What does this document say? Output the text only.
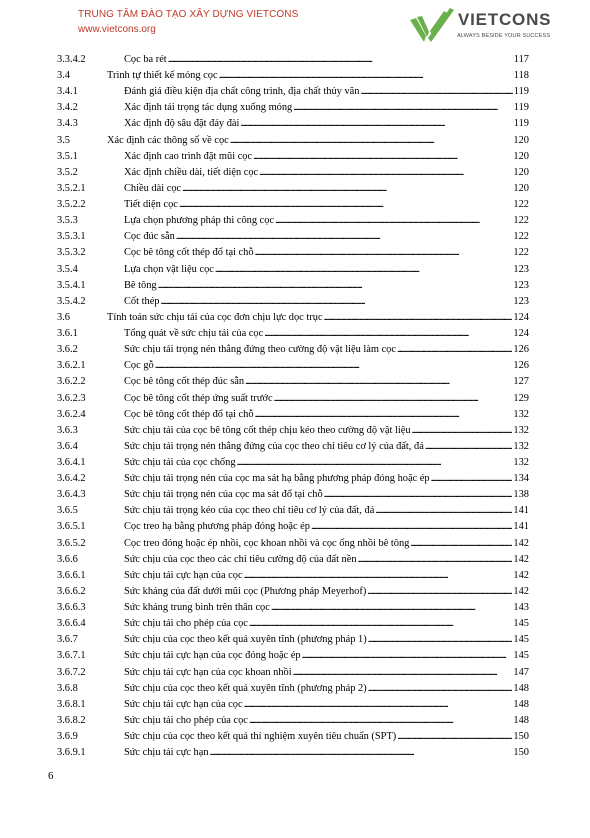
TRUNG TÂM ĐÀO TẠO XÂY DỰNG VIETCONS
www.vietcons.org
VIETCONS
ALWAYS BESIDE YOUR SUCCESS
3.3.4.2	Cọc ba rét . . .	117
3.4	Trình tự thiết kế móng cọc . . .	118
3.4.1	Đánh giá điều kiện địa chất công trình, địa chất thủy văn . . .	119
3.4.2	Xác định tải trọng tác dụng xuống móng . . .	119
3.4.3	Xác định độ sâu đặt đáy đài . . .	119
3.5	Xác định các thông số về cọc . . .	120
3.5.1	Xác định cao trình đặt mũi cọc . . .	120
3.5.2	Xác định chiều dài, tiết diện cọc . . .	120
3.5.2.1	Chiều dài cọc . . .	120
3.5.2.2	Tiết diện cọc . . .	122
3.5.3	Lựa chọn phương pháp thi công cọc . . .	122
3.5.3.1	Cọc đúc sẵn . . .	122
3.5.3.2	Cọc bê tông cốt thép đổ tại chỗ . . .	122
3.5.4	Lựa chọn vật liệu cọc . . .	123
3.5.4.1	Bê tông . . .	123
3.5.4.2	Cốt thép . . .	123
3.6	Tính toán sức chịu tải của cọc đơn chịu lực dọc trục . . .	124
3.6.1	Tổng quát về sức chịu tải của cọc . . .	124
3.6.2	Sức chịu tải trọng nén thẳng đứng theo cường độ vật liệu làm cọc . . .	126
3.6.2.1	Cọc gỗ . . .	126
3.6.2.2	Cọc bê tông cốt thép đúc sẵn . . .	127
3.6.2.3	Cọc bê tông cốt thép ứng suất trước . . .	129
3.6.2.4	Cọc bê tông cốt thép đổ tại chỗ . . .	132
3.6.3	Sức chịu tải của cọc bê tông cốt thép chịu kéo theo cường độ vật liệu . . .	132
3.6.4	Sức chịu tải trọng nén thẳng đứng của cọc theo chỉ tiêu cơ lý của đất, đá . . .	132
3.6.4.1	Sức chịu tải của cọc chống . . .	132
3.6.4.2	Sức chịu tải trọng nén của cọc ma sát hạ bằng phương pháp đóng hoặc ép . . .	134
3.6.4.3	Sức chịu tải trọng nén của cọc ma sát đổ tại chỗ . . .	138
3.6.5	Sức chịu tải trọng kéo của cọc theo chỉ tiêu cơ lý của đất, đá . . .	141
3.6.5.1	Cọc treo hạ bằng phương pháp đóng hoặc ép . . .	141
3.6.5.2	Cọc treo đóng hoặc ép nhồi, cọc khoan nhồi và cọc ống nhồi bê tông . . .	142
3.6.6	Sức chịu của cọc theo các chỉ tiêu cường độ của đất nền . . .	142
3.6.6.1	Sức chịu tải cực hạn của cọc . . .	142
3.6.6.2	Sức kháng của đất dưới mũi cọc (Phương pháp Meyerhof) . . .	142
3.6.6.3	Sức kháng trung bình trên thân cọc . . .	143
3.6.6.4	Sức chịu tải cho phép của cọc . . .	145
3.6.7	Sức chịu của cọc theo kết quả xuyên tĩnh (phương pháp 1) . . .	145
3.6.7.1	Sức chịu tải cực hạn của cọc đóng hoặc ép . . .	145
3.6.7.2	Sức chịu tải cực hạn của cọc khoan nhồi . . .	147
3.6.8	Sức chịu của cọc theo kết quả xuyên tĩnh (phương pháp 2) . . .	148
3.6.8.1	Sức chịu tải cực hạn của cọc . . .	148
3.6.8.2	Sức chịu tải cho phép của cọc . . .	148
3.6.9	Sức chịu của cọc theo kết quả thí nghiệm xuyên tiêu chuẩn (SPT) . . .	150
3.6.9.1	Sức chịu tải cực hạn . . .	150
6
